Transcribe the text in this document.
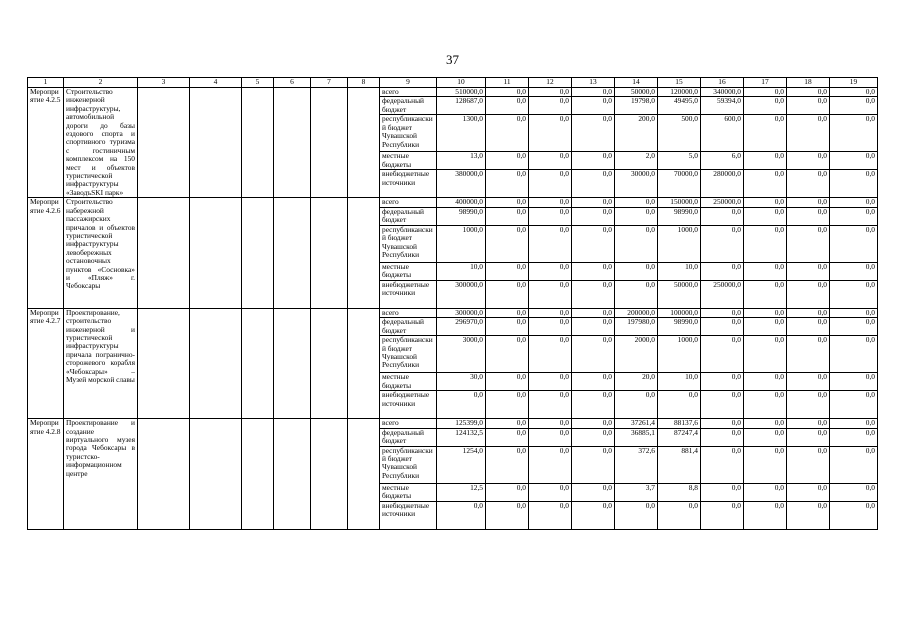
37
1	2	3	4	5	6	7	8	9	10	11	12	13	14	15	16	17	18	19
Мероприятие 4.2.5	Строительство инженерной инфраструктуры, автомобильной дороги до базы ездового спорта и спортивного туризма с гостиничным комплексом на 150 мест и объектов туристической инфраструктуры «ЗаводъSKI парк»							всего	510000,0	0,0	0,0	0,0	50000,0	120000,0	340000,0	0,0	0,0	0,0
								федеральный бюджет	128687,0	0,0	0,0	0,0	19798,0	49495,0	59394,0	0,0	0,0	0,0
								республиканский бюджет Чувашской Республики	1300,0	0,0	0,0	0,0	200,0	500,0	600,0	0,0	0,0	0,0
								местные бюджеты	13,0	0,0	0,0	0,0	2,0	5,0	6,0	0,0	0,0	0,0
								внебюджетные источники	380000,0	0,0	0,0	0,0	30000,0	70000,0	280000,0	0,0	0,0	0,0
Мероприятие 4.2.6	Строительство набережной пассажирских причалов и объектов туристической инфраструктуры левобережных остановочных пунктов «Сосновка» и «Пляж» г. Чебоксары							всего	400000,0	0,0	0,0	0,0	0,0	150000,0	250000,0	0,0	0,0	0,0
								федеральный бюджет	98990,0	0,0	0,0	0,0	0,0	98990,0	0,0	0,0	0,0	0,0
								республиканский бюджет Чувашской Республики	1000,0	0,0	0,0	0,0	0,0	1000,0	0,0	0,0	0,0	0,0
								местные бюджеты	10,0	0,0	0,0	0,0	0,0	10,0	0,0	0,0	0,0	0,0
								внебюджетные источники	300000,0	0,0	0,0	0,0	0,0	50000,0	250000,0	0,0	0,0	0,0
Мероприятие 4.2.7	Проектирование, строительство инженерной и туристической инфраструктуры причала пограничнo-сторожевого корабля «Чебоксары» – Музей морской славы							всего	300000,0	0,0	0,0	0,0	200000,0	100000,0	0,0	0,0	0,0	0,0
								федеральный бюджет	296970,0	0,0	0,0	0,0	197980,0	98990,0	0,0	0,0	0,0	0,0
								республиканский бюджет Чувашской Республики	3000,0	0,0	0,0	0,0	2000,0	1000,0	0,0	0,0	0,0	0,0
								местные бюджеты	30,0	0,0	0,0	0,0	20,0	10,0	0,0	0,0	0,0	0,0
								внебюджетные источники	0,0	0,0	0,0	0,0	0,0	0,0	0,0	0,0	0,0	0,0
Мероприятие 4.2.8	Проектирование и создание виртуального музея города Чебоксары в туристско-информационном центре							всего	125399,0	0,0	0,0	0,0	37261,4	88137,6	0,0	0,0	0,0	0,0
								федеральный бюджет	124132,5	0,0	0,0	0,0	36885,1	87247,4	0,0	0,0	0,0	0,0
								республиканский бюджет Чувашской Республики	1254,0	0,0	0,0	0,0	372,6	881,4	0,0	0,0	0,0	0,0
								местные бюджеты	12,5	0,0	0,0	0,0	3,7	8,8	0,0	0,0	0,0	0,0
								внебюджетные источники	0,0	0,0	0,0	0,0	0,0	0,0	0,0	0,0	0,0	0,0
